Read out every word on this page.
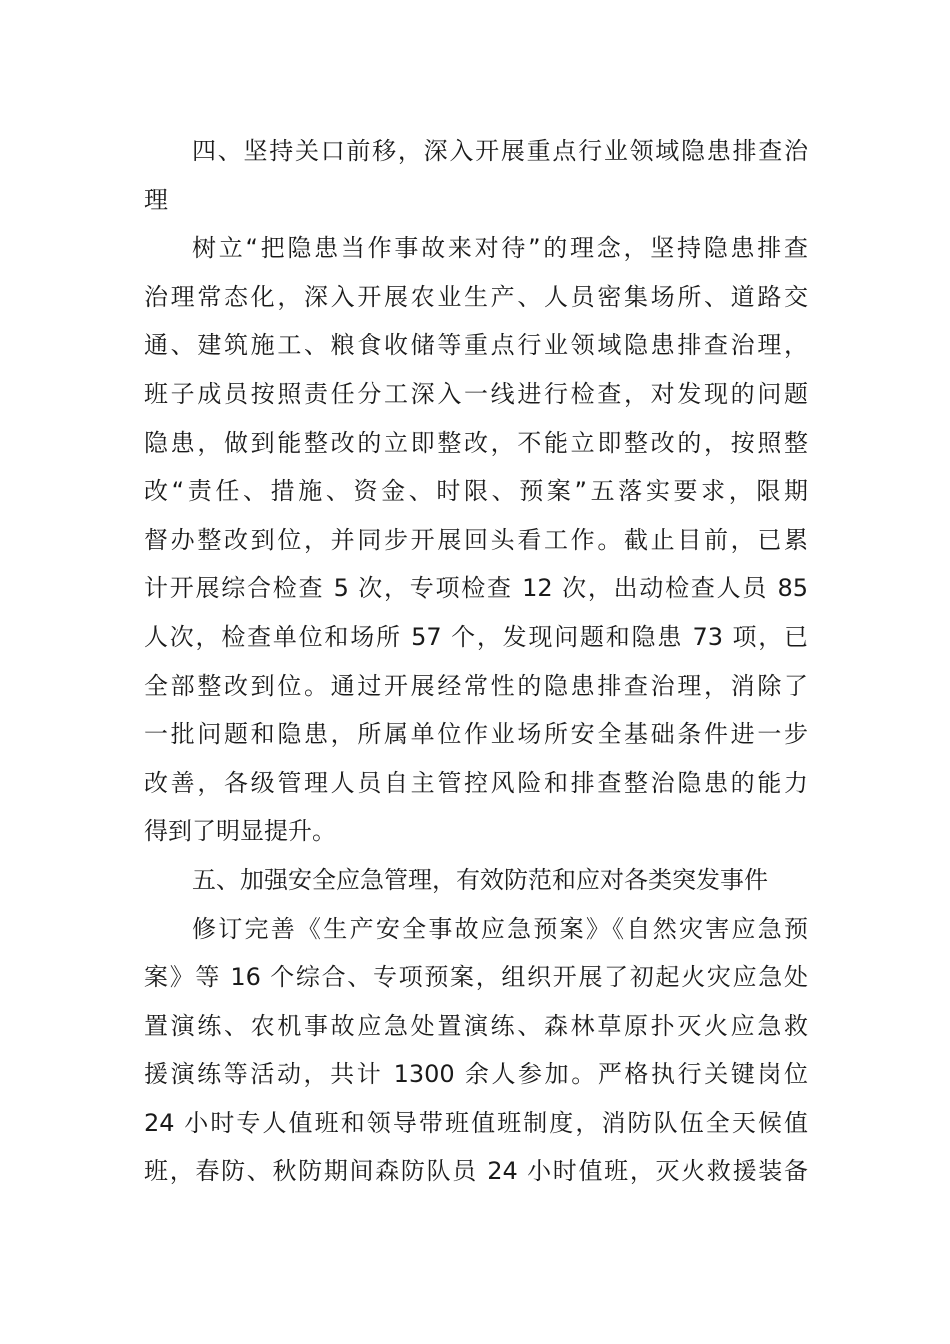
四、坚持关口前移，深入开展重点行业领域隐患排查治
理
树立“把隐患当作事故来对待”的理念，坚持隐患排查
治理常态化，深入开展农业生产、人员密集场所、道路交
通、建筑施工、粮食收储等重点行业领域隐患排查治理，
班子成员按照责任分工深入一线进行检查，对发现的问题
隐患，做到能整改的立即整改，不能立即整改的，按照整
改“责任、措施、资金、时限、预案”五落实要求，限期
督办整改到位，并同步开展回头看工作。截止目前，已累
计开展综合检查 5 次，专项检查 12 次，出动检查人员 85
人次，检查单位和场所 57 个，发现问题和隐患 73 项，已
全部整改到位。通过开展经常性的隐患排查治理，消除了
一批问题和隐患，所属单位作业场所安全基础条件进一步
改善，各级管理人员自主管控风险和排查整治隐患的能力
得到了明显提升。
五、加强安全应急管理，有效防范和应对各类突发事件
修订完善《生产安全事故应急预案》《自然灾害应急预
案》等 16 个综合、专项预案，组织开展了初起火灾应急处
置演练、农机事故应急处置演练、森林草原扑灭火应急救
援演练等活动，共计 1300 余人参加。严格执行关键岗位
24 小时专人值班和领导带班值班制度，消防队伍全天候值
班，春防、秋防期间森防队员 24 小时值班，灭火救援装备
